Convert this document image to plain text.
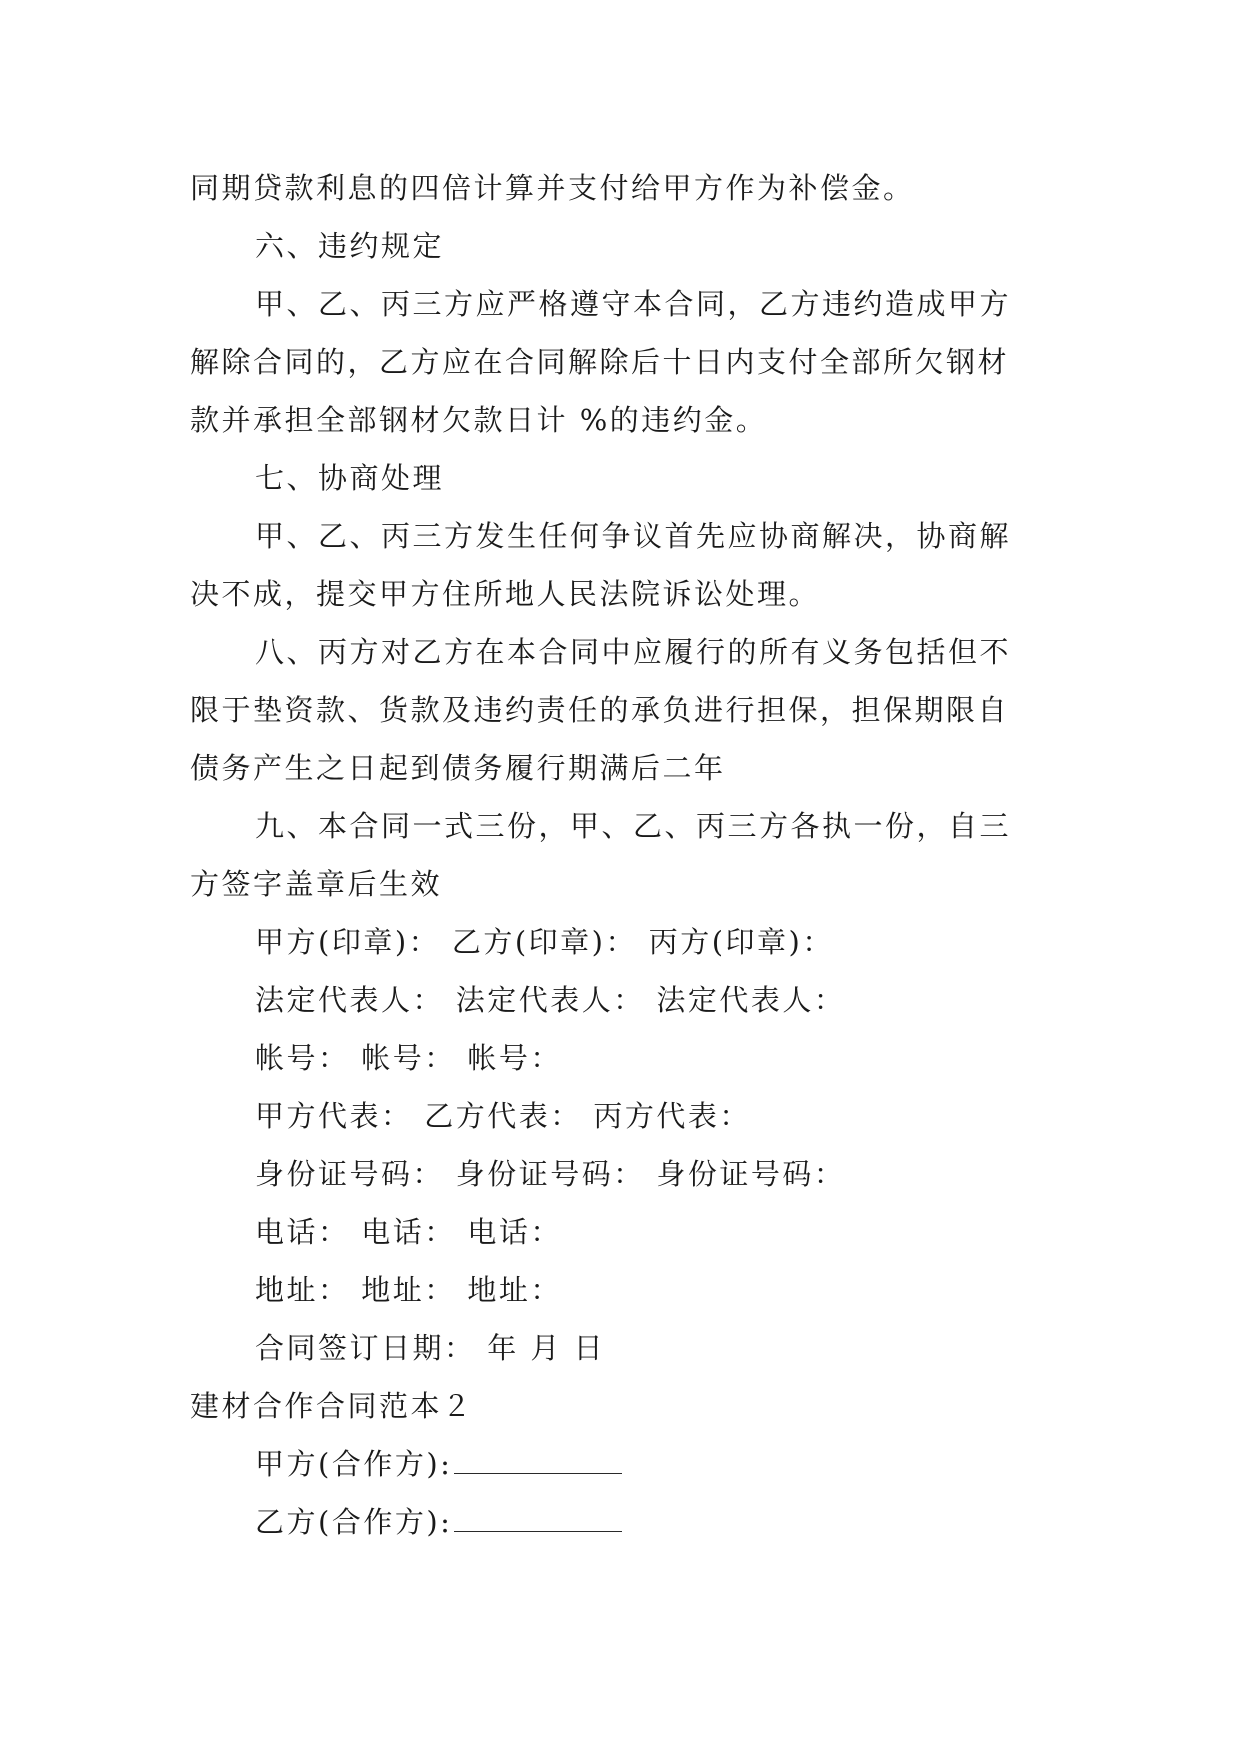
同期贷款利息的四倍计算并支付给甲方作为补偿金。
六、违约规定
甲、乙、丙三方应严格遵守本合同，乙方违约造成甲方
解除合同的，乙方应在合同解除后十日内支付全部所欠钢材
款并承担全部钢材欠款日计 %的违约金。
七、协商处理
甲、乙、丙三方发生任何争议首先应协商解决，协商解
决不成，提交甲方住所地人民法院诉讼处理。
八、丙方对乙方在本合同中应履行的所有义务包括但不
限于垫资款、货款及违约责任的承负进行担保，担保期限自
债务产生之日起到债务履行期满后二年
九、本合同一式三份，甲、乙、丙三方各执一份，自三
方签字盖章后生效
甲方(印章)： 乙方(印章)： 丙方(印章)：
法定代表人： 法定代表人： 法定代表人：
帐号： 帐号： 帐号：
甲方代表： 乙方代表： 丙方代表：
身份证号码： 身份证号码： 身份证号码：
电话： 电话： 电话：
地址： 地址： 地址：
合同签订日期： 年 月 日
建材合作合同范本２
甲方(合作方):
乙方(合作方):
